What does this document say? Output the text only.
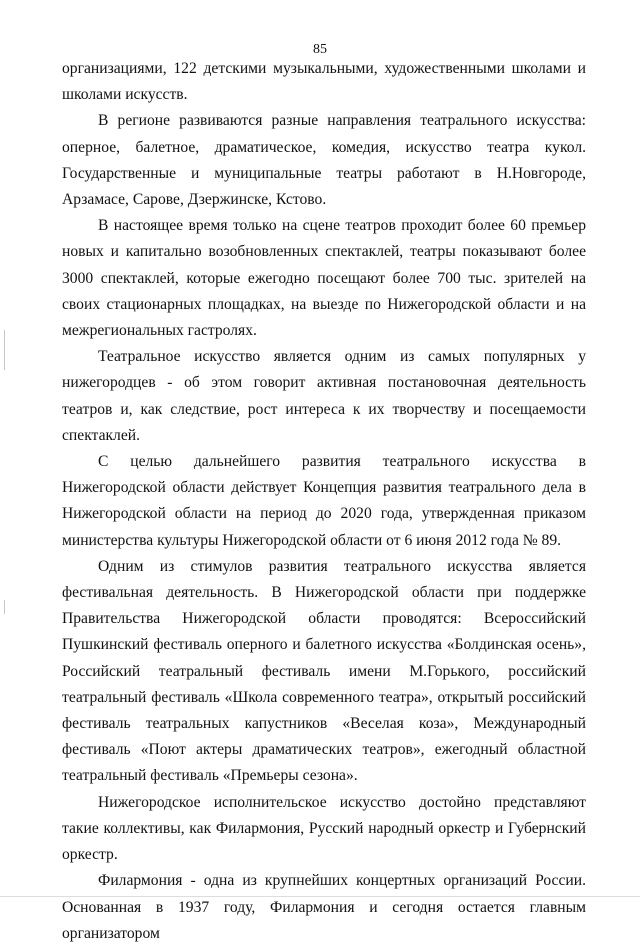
85

организациями, 122 детскими музыкальными, художественными школами и школами искусств.

В регионе развиваются разные направления театрального искусства: оперное, балетное, драматическое, комедия, искусство театра кукол. Государственные и муниципальные театры работают в Н.Новгороде, Арзамасе, Сарове, Дзержинске, Кстово.

В настоящее время только на сцене театров проходит более 60 премьер новых и капитально возобновленных спектаклей, театры показывают более 3000 спектаклей, которые ежегодно посещают более 700 тыс. зрителей на своих стационарных площадках, на выезде по Нижегородской области и на межрегиональных гастролях.

Театральное искусство является одним из самых популярных у нижегородцев - об этом говорит активная постановочная деятельность театров и, как следствие, рост интереса к их творчеству и посещаемости спектаклей.

С целью дальнейшего развития театрального искусства в Нижегородской области действует Концепция развития театрального дела в Нижегородской области на период до 2020 года, утвержденная приказом министерства культуры Нижегородской области от 6 июня 2012 года № 89.

Одним из стимулов развития театрального искусства является фестивальная деятельность. В Нижегородской области при поддержке Правительства Нижегородской области проводятся: Всероссийский Пушкинский фестиваль оперного и балетного искусства «Болдинская осень», Российский театральный фестиваль имени М.Горького, российский театральный фестиваль «Школа современного театра», открытый российский фестиваль театральных капустников «Веселая коза», Международный фестиваль «Поют актеры драматических театров», ежегодный областной театральный фестиваль «Премьеры сезона».

Нижегородское исполнительское искусство достойно представляют такие коллективы, как Филармония, Русский народный оркестр и Губернский оркестр.

Филармония - одна из крупнейших концертных организаций России. Основанная в 1937 году, Филармония и сегодня остается главным организатором
